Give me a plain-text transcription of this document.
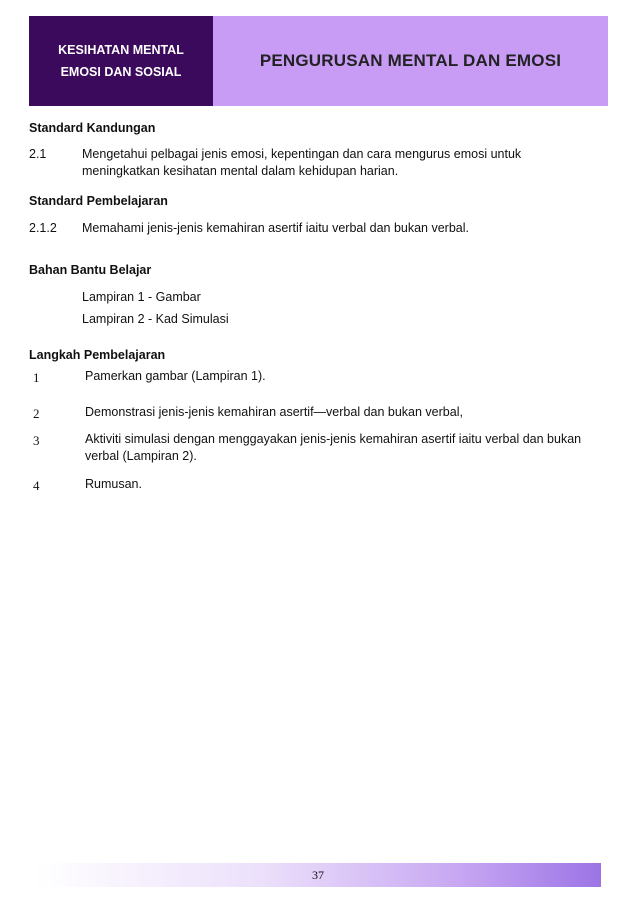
KESIHATAN MENTAL
EMOSI DAN SOSIAL
PENGURUSAN MENTAL DAN EMOSI
Standard Kandungan
2.1	Mengetahui pelbagai jenis emosi, kepentingan dan cara mengurus emosi untuk
meningkatkan kesihatan mental dalam kehidupan harian.
Standard Pembelajaran
2.1.2 Memahami jenis-jenis kemahiran asertif iaitu verbal dan bukan verbal.
Bahan Bantu Belajar
Lampiran 1 - Gambar
Lampiran 2 - Kad Simulasi
Langkah Pembelajaran
1	Pamerkan gambar (Lampiran 1).
2	Demonstrasi jenis-jenis kemahiran asertif—verbal dan bukan verbal,
3	Aktiviti simulasi dengan menggayakan jenis-jenis kemahiran asertif iaitu verbal dan bukan
verbal (Lampiran 2).
4	Rumusan.
37
